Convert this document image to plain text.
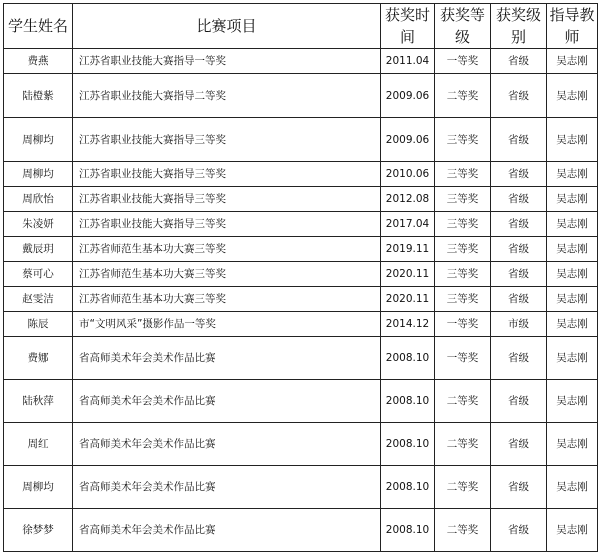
学生姓名	比赛项目	获奖时间	获奖等级	获奖级别	指导教师
费燕	江苏省职业技能大赛指导一等奖	2011.04	一等奖	省级	吴志刚
陆橙紫	江苏省职业技能大赛指导二等奖	2009.06	二等奖	省级	吴志刚
周柳均	江苏省职业技能大赛指导三等奖	2009.06	三等奖	省级	吴志刚
周柳均	江苏省职业技能大赛指导三等奖	2010.06	三等奖	省级	吴志刚
周欣怡	江苏省职业技能大赛指导三等奖	2012.08	三等奖	省级	吴志刚
朱凌妍	江苏省职业技能大赛指导三等奖	2017.04	三等奖	省级	吴志刚
戴辰玥	江苏省师范生基本功大赛三等奖	2019.11	三等奖	省级	吴志刚
蔡可心	江苏省师范生基本功大赛三等奖	2020.11	三等奖	省级	吴志刚
赵雯洁	江苏省师范生基本功大赛三等奖	2020.11	三等奖	省级	吴志刚
陈辰	市“文明风采”摄影作品一等奖	2014.12	一等奖	市级	吴志刚
费娜	省高师美术年会美术作品比赛	2008.10	一等奖	省级	吴志刚
陆秋萍	省高师美术年会美术作品比赛	2008.10	二等奖	省级	吴志刚
周红	省高师美术年会美术作品比赛	2008.10	二等奖	省级	吴志刚
周柳均	省高师美术年会美术作品比赛	2008.10	二等奖	省级	吴志刚
徐梦梦	省高师美术年会美术作品比赛	2008.10	二等奖	省级	吴志刚
